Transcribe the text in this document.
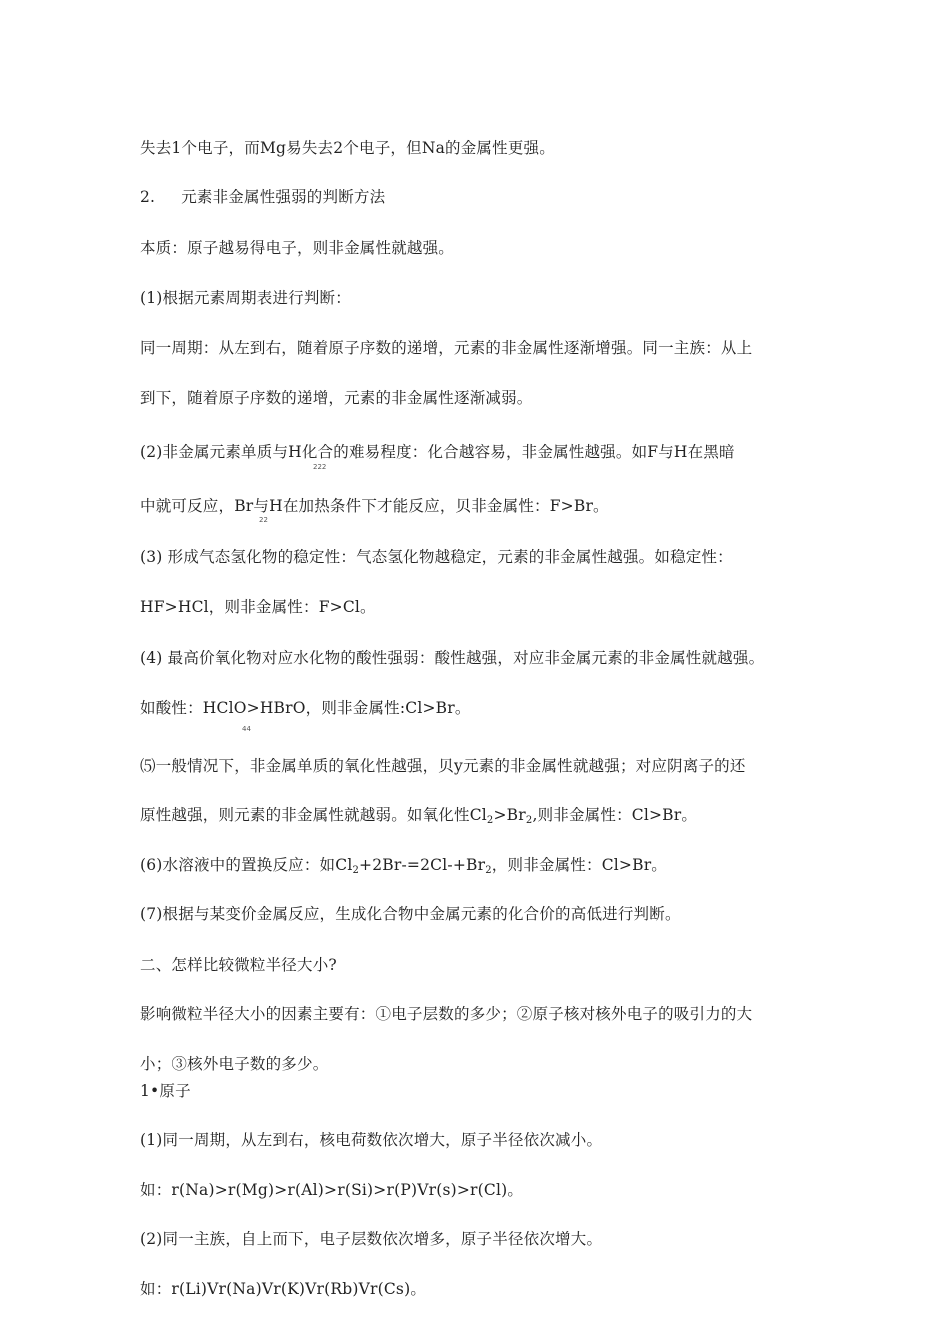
失去1个电子，而Mg易失去2个电子，但Na的金属性更强。
2. 元素非金属性强弱的判断方法
本质：原子越易得电子，则非金属性就越强。
(1)根据元素周期表进行判断：
同一周期：从左到右，随着原子序数的递增，元素的非金属性逐渐增强。同一主族：从上
到下，随着原子序数的递增，元素的非金属性逐渐减弱。
(2)非金属元素单质与H化合的难易程度：化合越容易，非金属性越强。如F与H在黑暗
222
中就可反应，Br与H在加热条件下才能反应，贝非金属性：F>Br。
22
(3) 形成气态氢化物的稳定性：气态氢化物越稳定，元素的非金属性越强。如稳定性：
HF>HCl，则非金属性：F>Cl。
(4) 最高价氧化物对应水化物的酸性强弱：酸性越强，对应非金属元素的非金属性就越强。
如酸性：HClO>HBrO，则非金属性:Cl>Br。
44
⑸一般情况下，非金属单质的氧化性越强，贝y元素的非金属性就越强；对应阴离子的还
原性越强，则元素的非金属性就越弱。如氧化性$Cl_2>Br_2$,则非金属性：Cl>Br。
(6)水溶液中的置换反应：如$Cl_2+2Br-=2Cl-+Br_2$，则非金属性：Cl>Br。
(7)根据与某变价金属反应，生成化合物中金属元素的化合价的高低进行判断。
二、怎样比较微粒半径大小?
影响微粒半径大小的因素主要有：①电子层数的多少；②原子核对核外电子的吸引力的大
小；③核外电子数的多少。
1•原子
(1)同一周期，从左到右，核电荷数依次增大，原子半径依次减小。
如：r(Na)>r(Mg)>r(Al)>r(Si)>r(P)Vr(s)>r(Cl)。
(2)同一主族，自上而下，电子层数依次增多，原子半径依次增大。
如：r(Li)Vr(Na)Vr(K)Vr(Rb)Vr(Cs)。
